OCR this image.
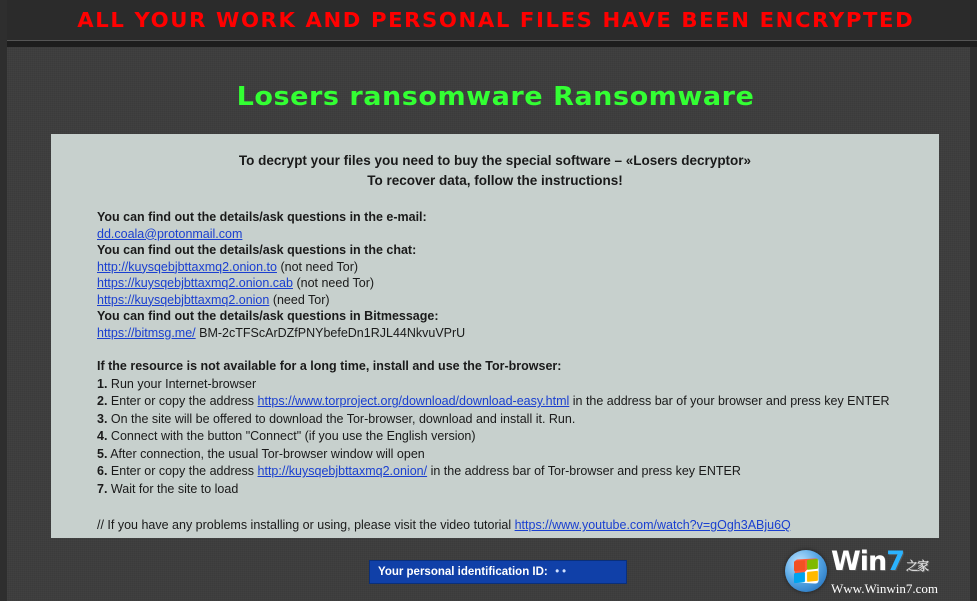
ALL YOUR WORK AND PERSONAL FILES HAVE BEEN ENCRYPTED
Losers ransomware Ransomware
To decrypt your files you need to buy the special software – «Losers decryptor»
To recover data, follow the instructions!
You can find out the details/ask questions in the e-mail:
dd.coala@protonmail.com
You can find out the details/ask questions in the chat:
http://kuysqebjbttaxmq2.onion.to (not need Tor)
https://kuysqebjbttaxmq2.onion.cab (not need Tor)
https://kuysqebjbttaxmq2.onion (need Tor)
You can find out the details/ask questions in Bitmessage:
https://bitmsg.me/ BM-2cTFScArDZfPNYbefeDn1RJL44NkvuVPrU
If the resource is not available for a long time, install and use the Tor-browser:
1. Run your Internet-browser
2. Enter or copy the address https://www.torproject.org/download/download-easy.html in the address bar of your browser and press key ENTER
3. On the site will be offered to download the Tor-browser, download and install it. Run.
4. Connect with the button "Connect" (if you use the English version)
5. After connection, the usual Tor-browser window will open
6. Enter or copy the address http://kuysqebjbttaxmq2.onion/ in the address bar of Tor-browser and press key ENTER
7. Wait for the site to load
// If you have any problems installing or using, please visit the video tutorial https://www.youtube.com/watch?v=gOgh3ABju6Q
Your personal identification ID: ••	Win7 之家
Www.Winwin7.com
